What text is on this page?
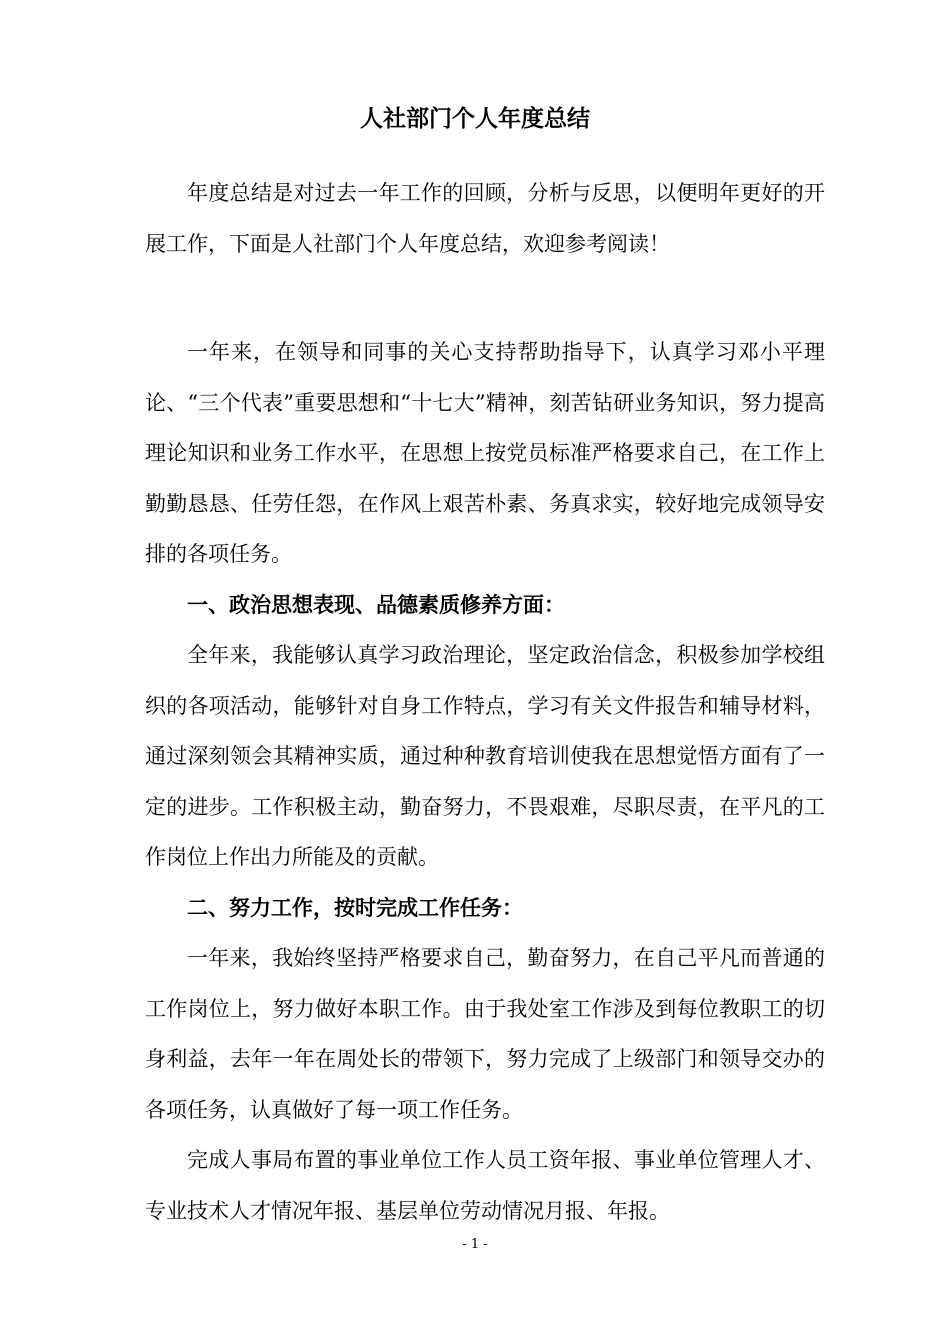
人社部门个人年度总结

年度总结是对过去一年工作的回顾，分析与反思，以便明年更好的开展工作，下面是人社部门个人年度总结，欢迎参考阅读！

一年来，在领导和同事的关心支持帮助指导下，认真学习邓小平理论、“三个代表”重要思想和“十七大”精神，刻苦钻研业务知识，努力提高理论知识和业务工作水平，在思想上按党员标准严格要求自己，在工作上勤勤恳恳、任劳任怨，在作风上艰苦朴素、务真求实，较好地完成领导安排的各项任务。

一、政治思想表现、品德素质修养方面：

全年来，我能够认真学习政治理论，坚定政治信念，积极参加学校组织的各项活动，能够针对自身工作特点，学习有关文件报告和辅导材料，通过深刻领会其精神实质，通过种种教育培训使我在思想觉悟方面有了一定的进步。工作积极主动，勤奋努力，不畏艰难，尽职尽责，在平凡的工作岗位上作出力所能及的贡献。

二、努力工作，按时完成工作任务：

一年来，我始终坚持严格要求自己，勤奋努力，在自己平凡而普通的工作岗位上，努力做好本职工作。由于我处室工作涉及到每位教职工的切身利益，去年一年在周处长的带领下，努力完成了上级部门和领导交办的各项任务，认真做好了每一项工作任务。

完成人事局布置的事业单位工作人员工资年报、事业单位管理人才、专业技术人才情况年报、基层单位劳动情况月报、年报。

- 1 -
